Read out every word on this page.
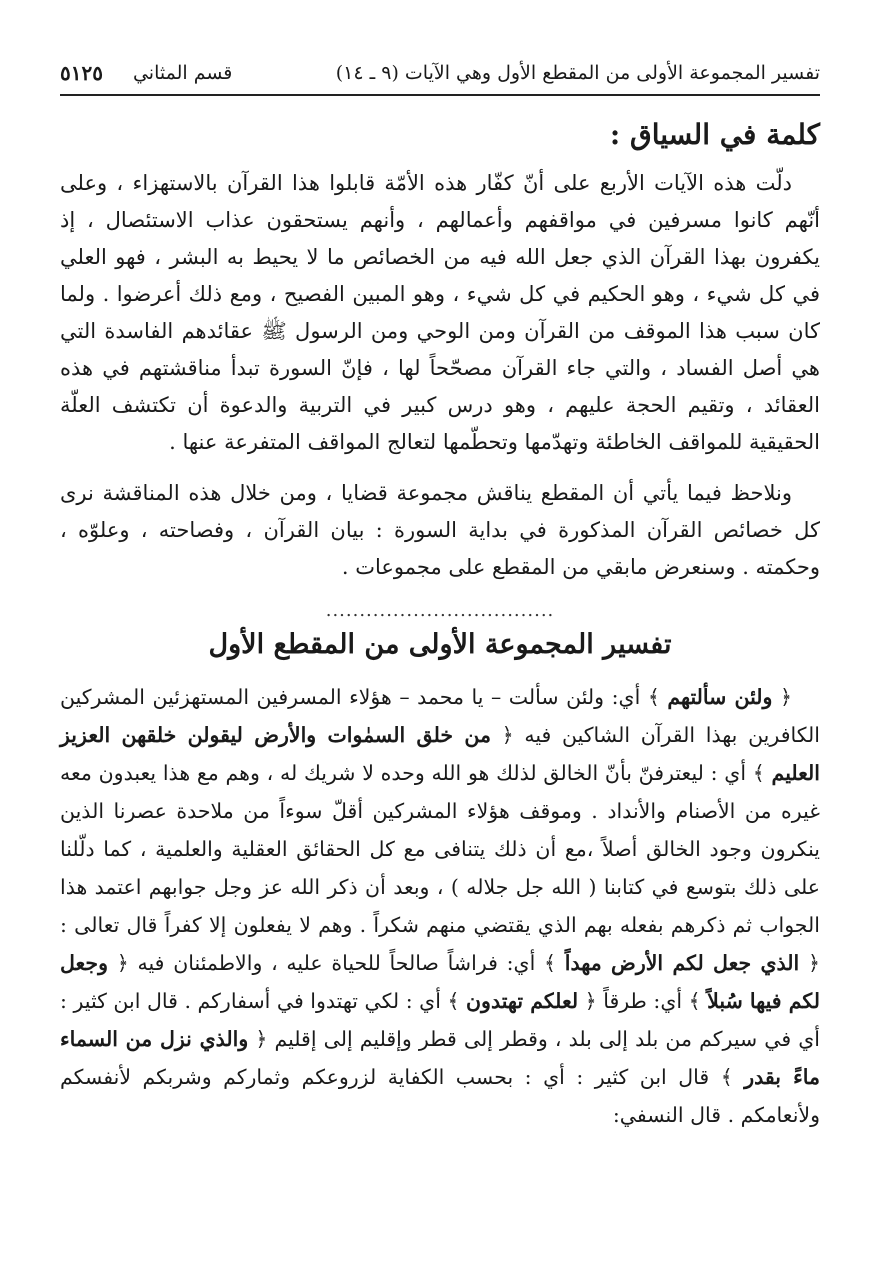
تفسير المجموعة الأولى من المقطع الأول وهي الآيات (٩ ـ ١٤)
قسم المثاني
٥١٢٥
كلمة في السياق :

دلّت هذه الآيات الأربع على أنّ كفّار هذه الأمّة قابلوا هذا القرآن بالاستهزاء ، وعلى أنّهم كانوا مسرفين في مواقفهم وأعمالهم ، وأنهم يستحقون عذاب الاستئصال ، إذ يكفرون بهذا القرآن الذي جعل الله فيه من الخصائص ما لا يحيط به البشر ، فهو العلي في كل شيء ، وهو الحكيم في كل شيء ، وهو المبين الفصيح ، ومع ذلك أعرضوا . ولما كان سبب هذا الموقف من القرآن ومن الوحي ومن الرسول ﷺ عقائدهم الفاسدة التي هي أصل الفساد ، والتي جاء القرآن مصحّحاً لها ، فإنّ السورة تبدأ مناقشتهم في هذه العقائد ، وتقيم الحجة عليهم ، وهو درس كبير في التربية والدعوة أن تكتشف العلّة الحقيقية للمواقف الخاطئة وتهدّمها وتحطّمها لتعالج المواقف المتفرعة عنها .

ونلاحظ فيما يأتي أن المقطع يناقش مجموعة قضايا ، ومن خلال هذه المناقشة نرى كل خصائص القرآن المذكورة في بداية السورة : بيان القرآن ، وفصاحته ، وعلوّه ، وحكمته . وسنعرض مابقي من المقطع على مجموعات .

..................................
تفسير المجموعة الأولى من المقطع الأول

﴿ ولئن سألتهم ﴾ أي: ولئن سألت – يا محمد – هؤلاء المسرفين المستهزئين المشركين الكافرين بهذا القرآن الشاكين فيه ﴿ من خلق السمٰوات والأرض ليقولن خلقهن العزيز العليم ﴾ أي : ليعترفنّ بأنّ الخالق لذلك هو الله وحده لا شريك له ، وهم مع هذا يعبدون معه غيره من الأصنام والأنداد . وموقف هؤلاء المشركين أقلّ سوءاً من ملاحدة عصرنا الذين ينكرون وجود الخالق أصلاً ،مع أن ذلك يتنافى مع كل الحقائق العقلية والعلمية ، كما دلّلنا على ذلك بتوسع في كتابنا ( الله جل جلاله ) ، وبعد أن ذكر الله عز وجل جوابهم اعتمد هذا الجواب ثم ذكرهم بفعله بهم الذي يقتضي منهم شكراً . وهم لا يفعلون إلا كفراً قال تعالى : ﴿ الذي جعل لكم الأرض مهداً ﴾ أي: فراشاً صالحاً للحياة عليه ، والاطمئنان فيه ﴿ وجعل لكم فيها سُبلاً ﴾ أي: طرقاً ﴿ لعلكم تهتدون ﴾ أي : لكي تهتدوا في أسفاركم . قال ابن كثير : أي في سيركم من بلد إلى بلد ، وقطر إلى قطر وإقليم إلى إقليم ﴿ والذي نزل من السماء ماءً بقدر ﴾ قال ابن كثير : أي : بحسب الكفاية لزروعكم وثماركم وشربكم لأنفسكم ولأنعامكم . قال النسفي:
